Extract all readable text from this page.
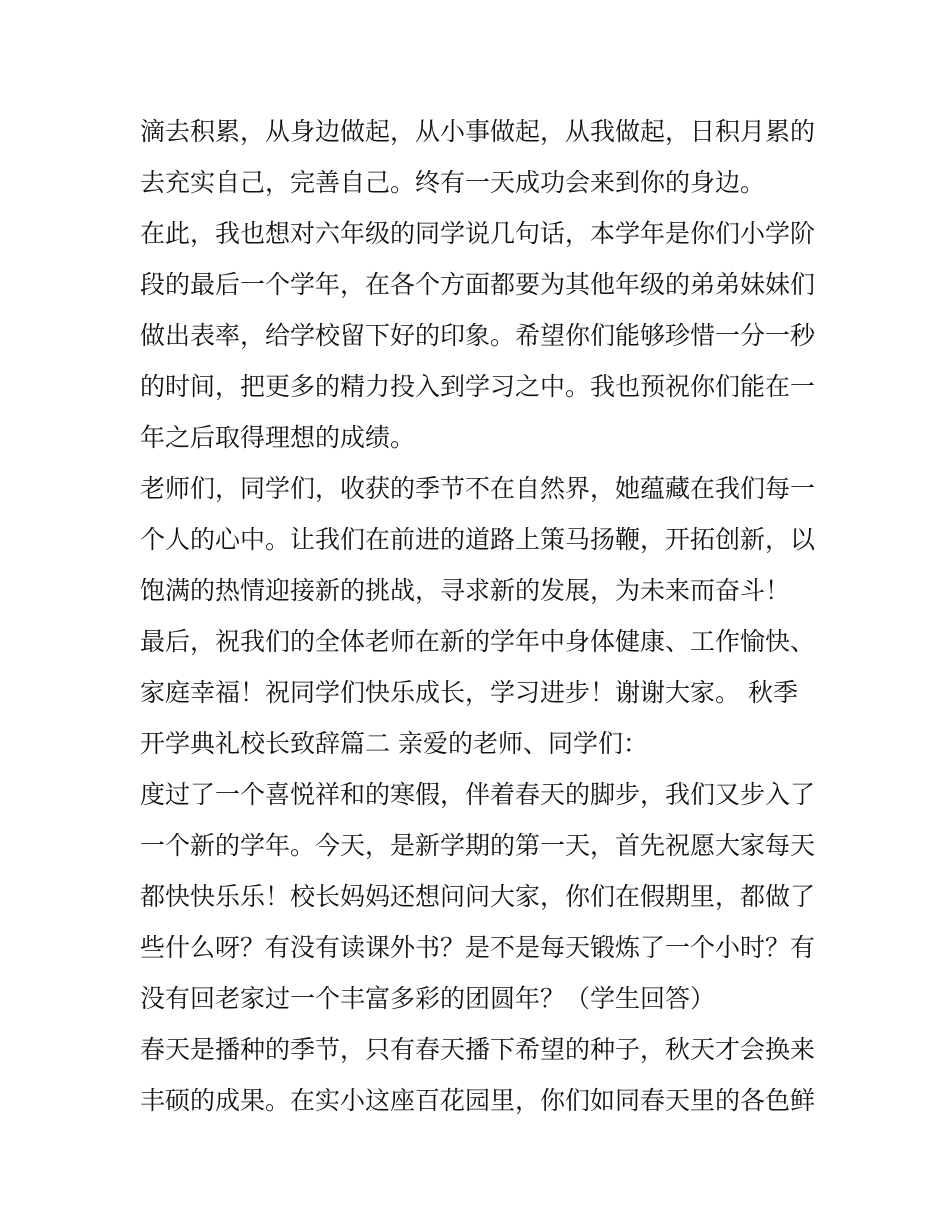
滴去积累，从身边做起，从小事做起，从我做起，日积月累的

去充实自己，完善自己。终有一天成功会来到你的身边。

在此，我也想对六年级的同学说几句话，本学年是你们小学阶

段的最后一个学年，在各个方面都要为其他年级的弟弟妹妹们

做出表率，给学校留下好的印象。希望你们能够珍惜一分一秒

的时间，把更多的精力投入到学习之中。我也预祝你们能在一

年之后取得理想的成绩。

老师们，同学们，收获的季节不在自然界，她蕴藏在我们每一

个人的心中。让我们在前进的道路上策马扬鞭，开拓创新，以

饱满的热情迎接新的挑战，寻求新的发展，为未来而奋斗！

最后，祝我们的全体老师在新的学年中身体健康、工作愉快、

家庭幸福！祝同学们快乐成长，学习进步！谢谢大家。 秋季

开学典礼校长致辞篇二 亲爱的老师、同学们：

度过了一个喜悦祥和的寒假，伴着春天的脚步，我们又步入了

一个新的学年。今天，是新学期的第一天，首先祝愿大家每天

都快快乐乐！校长妈妈还想问问大家，你们在假期里，都做了

些什么呀？有没有读课外书？是不是每天锻炼了一个小时？有

没有回老家过一个丰富多彩的团圆年？（学生回答）

春天是播种的季节，只有春天播下希望的种子，秋天才会换来

丰硕的成果。在实小这座百花园里，你们如同春天里的各色鲜
